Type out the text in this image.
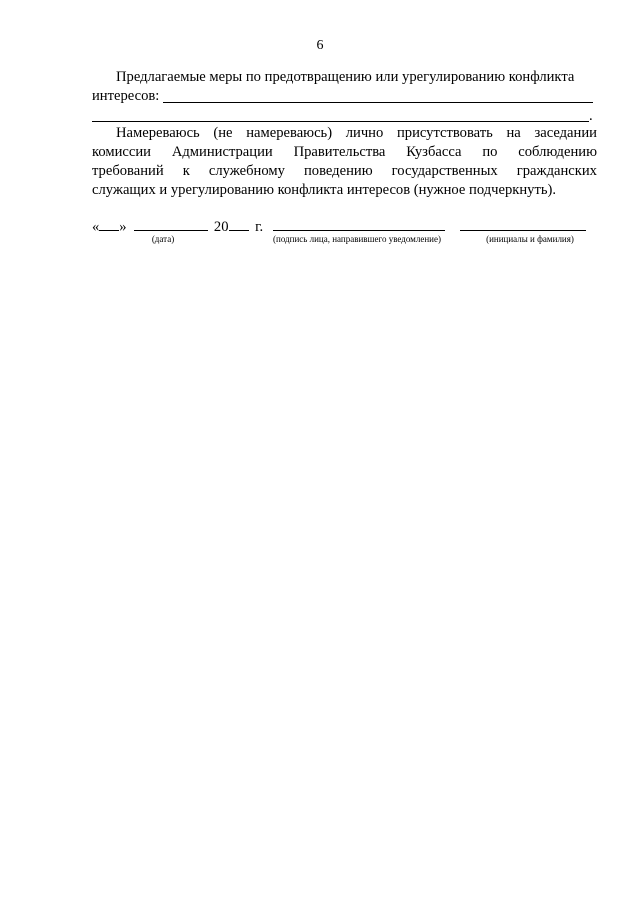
6
Предлагаемые меры по предотвращению или урегулированию конфликта
интересов:
.
Намереваюсь (не намереваюсь) лично присутствовать на заседании
комиссии Администрации Правительства Кузбасса по соблюдению
требований к служебному поведению государственных гражданских
служащих и урегулированию конфликта интересов (нужное подчеркнуть).
« »	20 г.
(дата)	(подпись лица, направившего уведомление)	(инициалы и фамилия)
